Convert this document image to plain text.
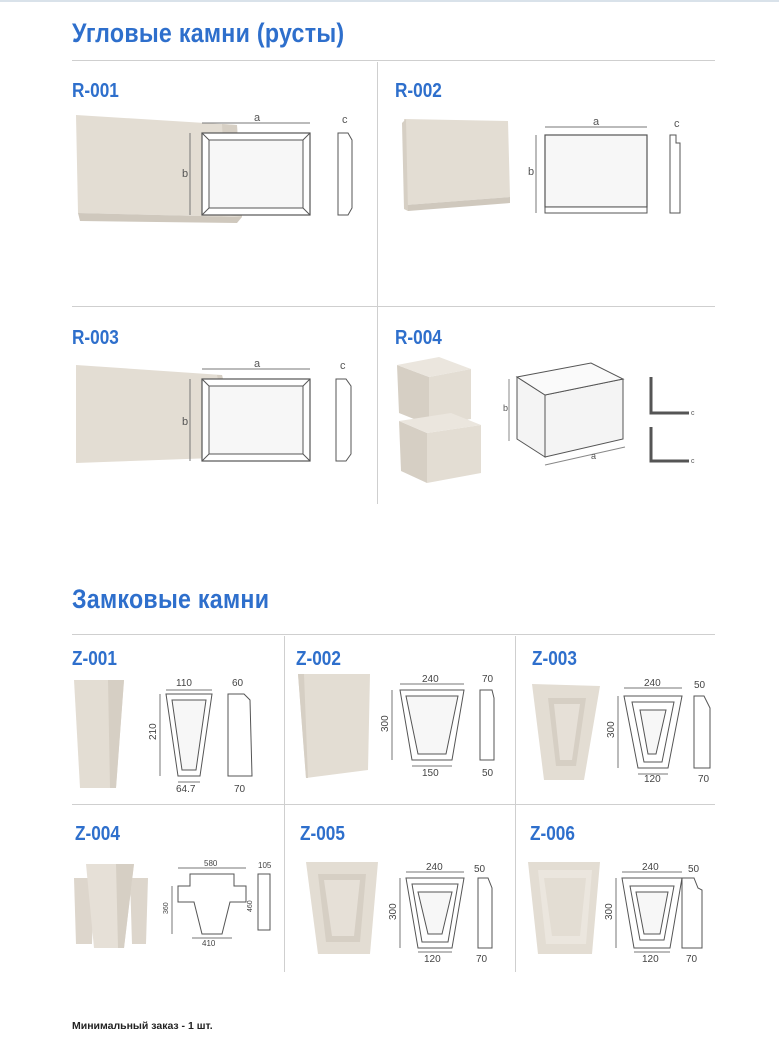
Угловые камни (русты)
R-001	R-002
R-003	R-004
a
b
c	a
b
c
a
b
c
b
a
c
c
Замковые камни
Z-001	Z-002	Z-003
Z-004	Z-005	Z-006
110
210
64.7
60
70
240
300
150
70
50
240
300
120
50
70
580
360	460
410
105	240
300
120
50
70
240
300
120
50
70
Минимальный заказ - 1 шт.
